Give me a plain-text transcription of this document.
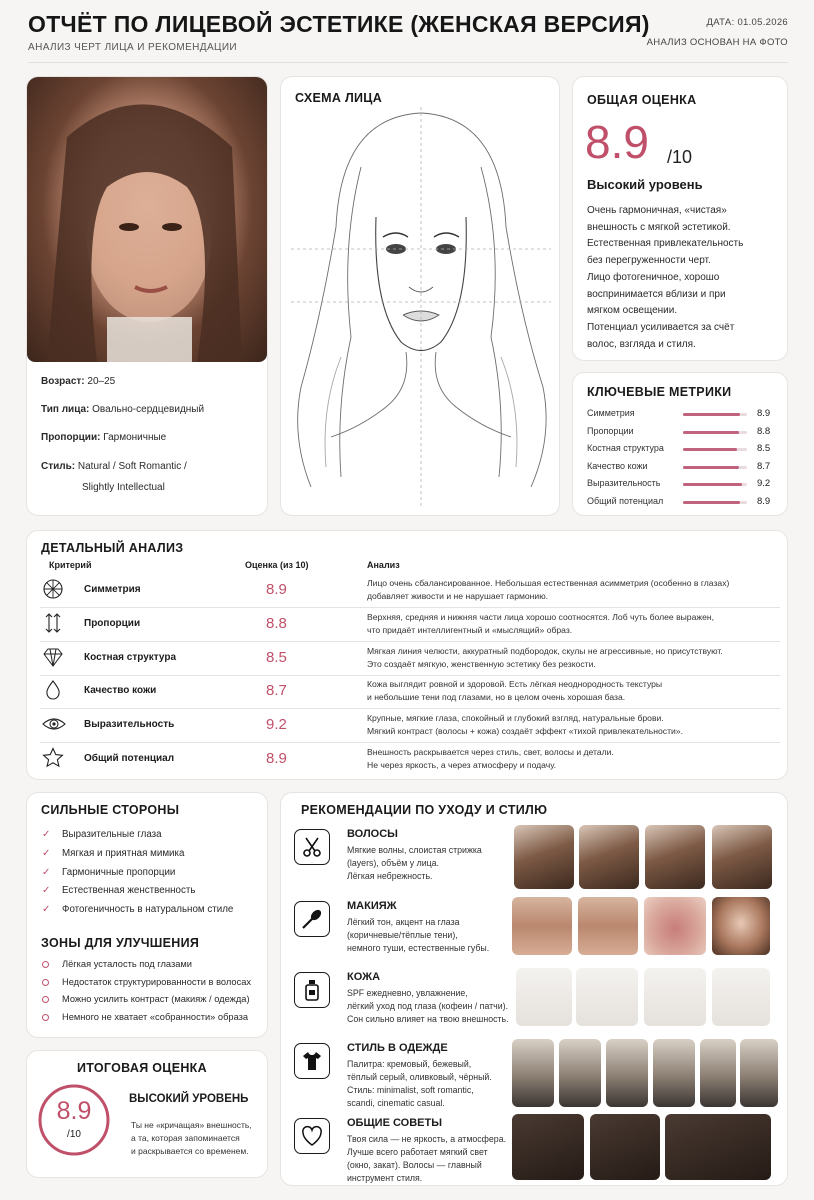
ОТЧЁТ ПО ЛИЦЕВОЙ ЭСТЕТИКЕ (ЖЕНСКАЯ ВЕРСИЯ)
АНАЛИЗ ЧЕРТ ЛИЦА И РЕКОМЕНДАЦИИ
ДАТА: 01.05.2026
АНАЛИЗ ОСНОВАН НА ФОТО
Возраст: 20–25
Тип лица: Овально-сердцевидный
Пропорции: Гармоничные
Стиль: Natural / Soft Romantic /
Slightly Intellectual
СХЕМА ЛИЦА	ОБЩАЯ ОЦЕНКА
8.9 /10
Высокий уровень
Очень гармоничная, «чистая»
внешность с мягкой эстетикой.
Естественная привлекательность
без перегруженности черт.
Лицо фотогеничное, хорошо
воспринимается вблизи и при
мягком освещении.
Потенциал усиливается за счёт
волос, взгляда и стиля.
КЛЮЧЕВЫЕ МЕТРИКИ
Симметрия	8.9
Пропорции	8.8
Костная структура	8.5
Качество кожи	8.7
Выразительность	9.2
Общий потенциал	8.9
ДЕТАЛЬНЫЙ АНАЛИЗ
Критерий	Оценка (из 10)	Анализ
Симметрия	8.9	Лицо очень сбалансированное. Небольшая естественная асимметрия (особенно в глазах)
добавляет живости и не нарушает гармонию.
Пропорции	8.8	Верхняя, средняя и нижняя части лица хорошо соотносятся. Лоб чуть более выражен,
что придаёт интеллигентный и «мыслящий» образ.
Костная структура	8.5	Мягкая линия челюсти, аккуратный подбородок, скулы не агрессивные, но присутствуют.
Это создаёт мягкую, женственную эстетику без резкости.
Качество кожи	8.7	Кожа выглядит ровной и здоровой. Есть лёгкая неоднородность текстуры
и небольшие тени под глазами, но в целом очень хорошая база.
Выразительность	9.2	Крупные, мягкие глаза, спокойный и глубокий взгляд, натуральные брови.
Мягкий контраст (волосы + кожа) создаёт эффект «тихой привлекательности».
Общий потенциал	8.9	Внешность раскрывается через стиль, свет, волосы и детали.
Не через яркость, а через атмосферу и подачу.
СИЛЬНЫЕ СТОРОНЫ
ЗОНЫ ДЛЯ УЛУЧШЕНИЯ
✓ Выразительные глаза
✓ Мягкая и приятная мимика
✓ Гармоничные пропорции
✓ Естественная женственность
✓ Фотогеничность в натуральном стиле
Лёгкая усталость под глазами
Недостаток структурированности в волосах
Можно усилить контраст (макияж / одежда)
Немного не хватает «собранности» образа
ИТОГОВАЯ ОЦЕНКА
8.9
/10
ВЫСОКИЙ УРОВЕНЬ
Ты не «кричащая» внешность,
а та, которая запоминается
и раскрывается со временем.
РЕКОМЕНДАЦИИ ПО УХОДУ И СТИЛЮ
ВОЛОСЫ
Мягкие волны, слоистая стрижка
(layers), объём у лица.
Лёгкая небрежность.
МАКИЯЖ
Лёгкий тон, акцент на глаза
(коричневые/тёплые тени),
немного туши, естественные губы.
КОЖА
SPF ежедневно, увлажнение,
лёгкий уход под глаза (кофеин / патчи).
Сон сильно влияет на твою внешность.
СТИЛЬ В ОДЕЖДЕ
Палитра: кремовый, бежевый,
тёплый серый, оливковый, чёрный.
Стиль: minimalist, soft romantic,
scandi, cinematic casual.
ОБЩИЕ СОВЕТЫ
Твоя сила — не яркость, а атмосфера.
Лучше всего работает мягкий свет
(окно, закат). Волосы — главный
инструмент стиля.
